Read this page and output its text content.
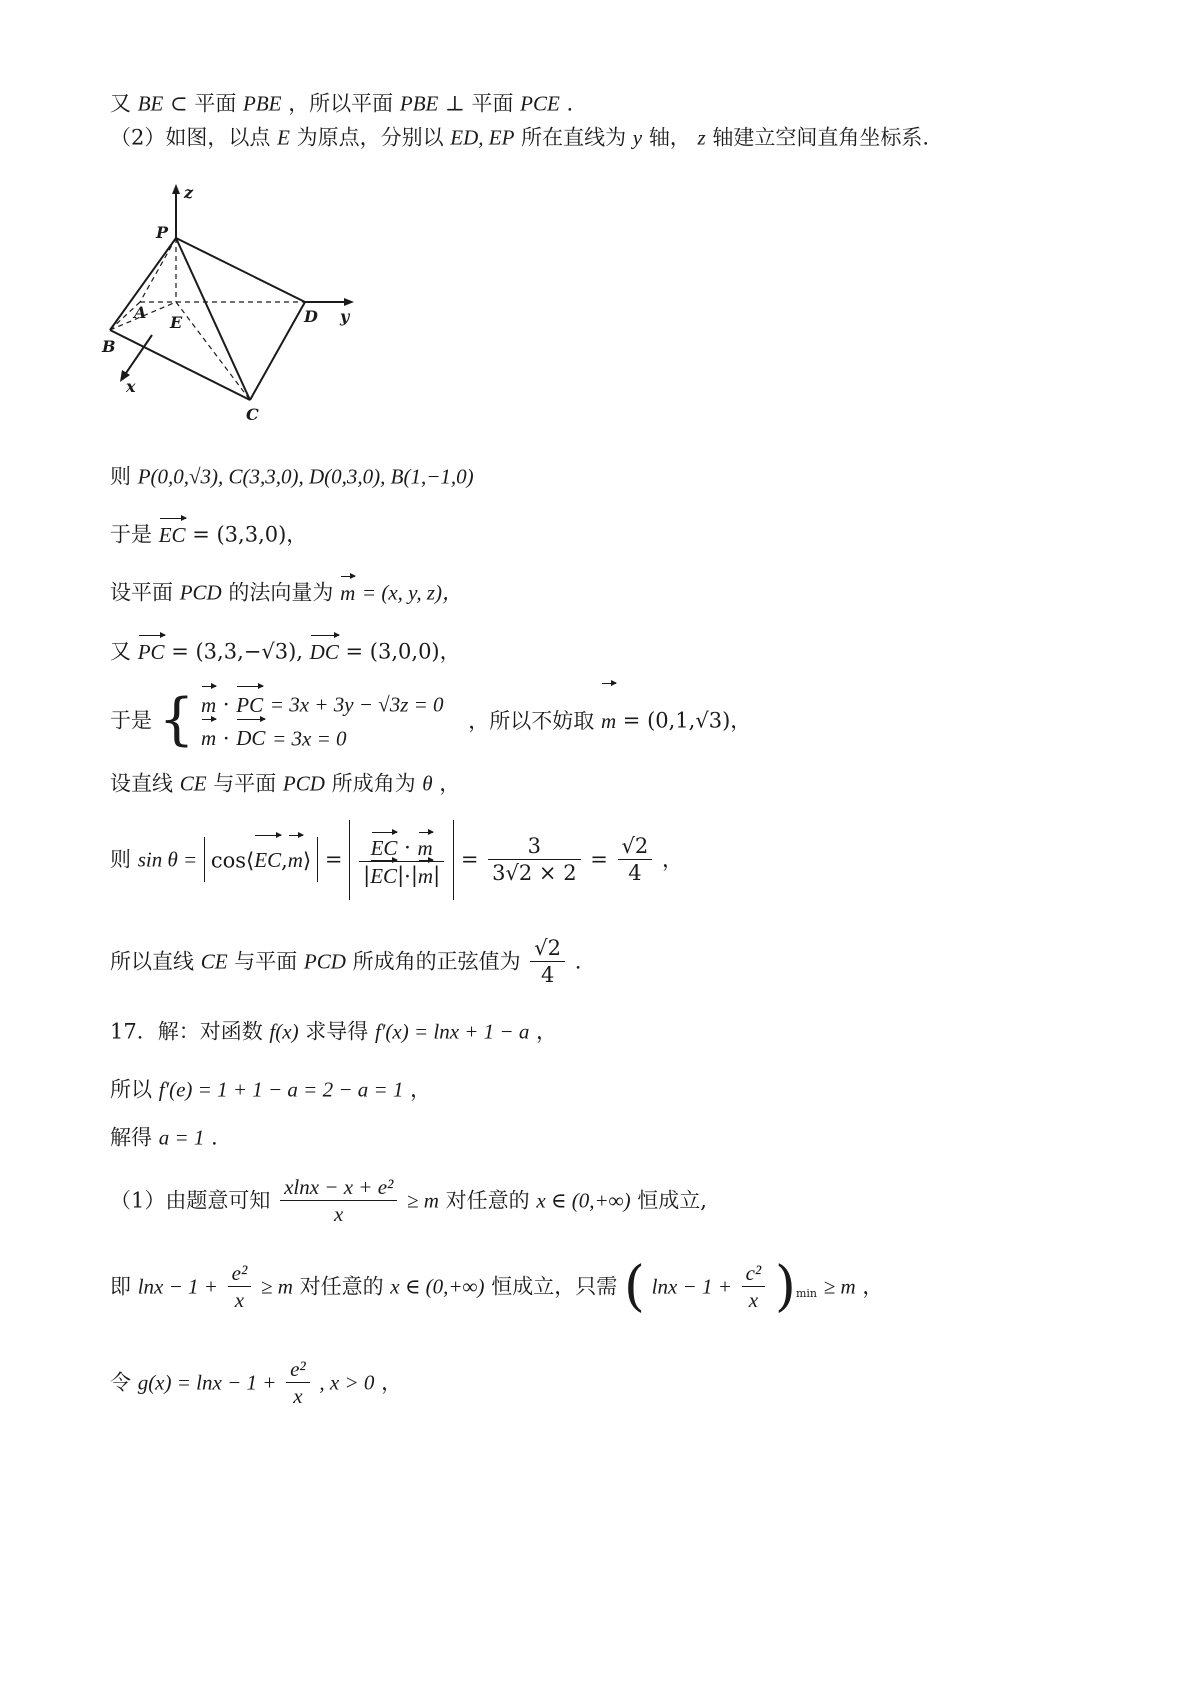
又 BE ⊂ 平面 PBE ，所以平面 PBE ⊥ 平面 PCE .
（2）如图，以点 E 为原点，分别以 ED, EP 所在直线为 y 轴， z 轴建立空间直角坐标系.
z
y
x
P
A
E	D
B
C
则 P(0,0,√3), C(3,3,0), D(0,3,0), B(1,−1,0)
于是 EC = (3,3,0)，
设平面 PCD 的法向量为 m = (x, y, z)，
又 PC = (3,3,−√3), DC = (3,0,0)，
于是 { m · PC = 3x + 3y − √3z = 0
m · DC = 3x = 0
，所以不妨取 m = (0,1,√3)，
设直线 CE 与平面 PCD 所成角为 θ ，
则 sin θ = cos⟨EC,m⟩ = $\frac{EC \cdot m}{|EC|\cdot|m|} = \frac{3}{3√2 \times 2} = \frac{√2}{4}$ ，
所以直线 CE 与平面 PCD 所成角的正弦值为 $\frac{√2}{4}$ .
17．解：对函数 f(x) 求导得 f′(x) = lnx + 1 − a ，
所以 f′(e) = 1 + 1 − a = 2 − a = 1 ，
解得 a = 1 .
（1）由题意可知 $\frac{\text{xlnx − x + e²}}{x} \ge m$ 对任意的 x ∈ (0,+∞) 恒成立,
即 $\ln x - 1 + \frac{\text{e²}}{x} \ge m$ 对任意的 x ∈ (0,+∞) 恒成立，只需 ( $\ln x - 1 + \frac{\text{c²}}{x} )_{min} \ge m$ ，
令 $g(x) = \ln x - 1 + \frac{\text{e²}}{x}$ , x > 0 ，
